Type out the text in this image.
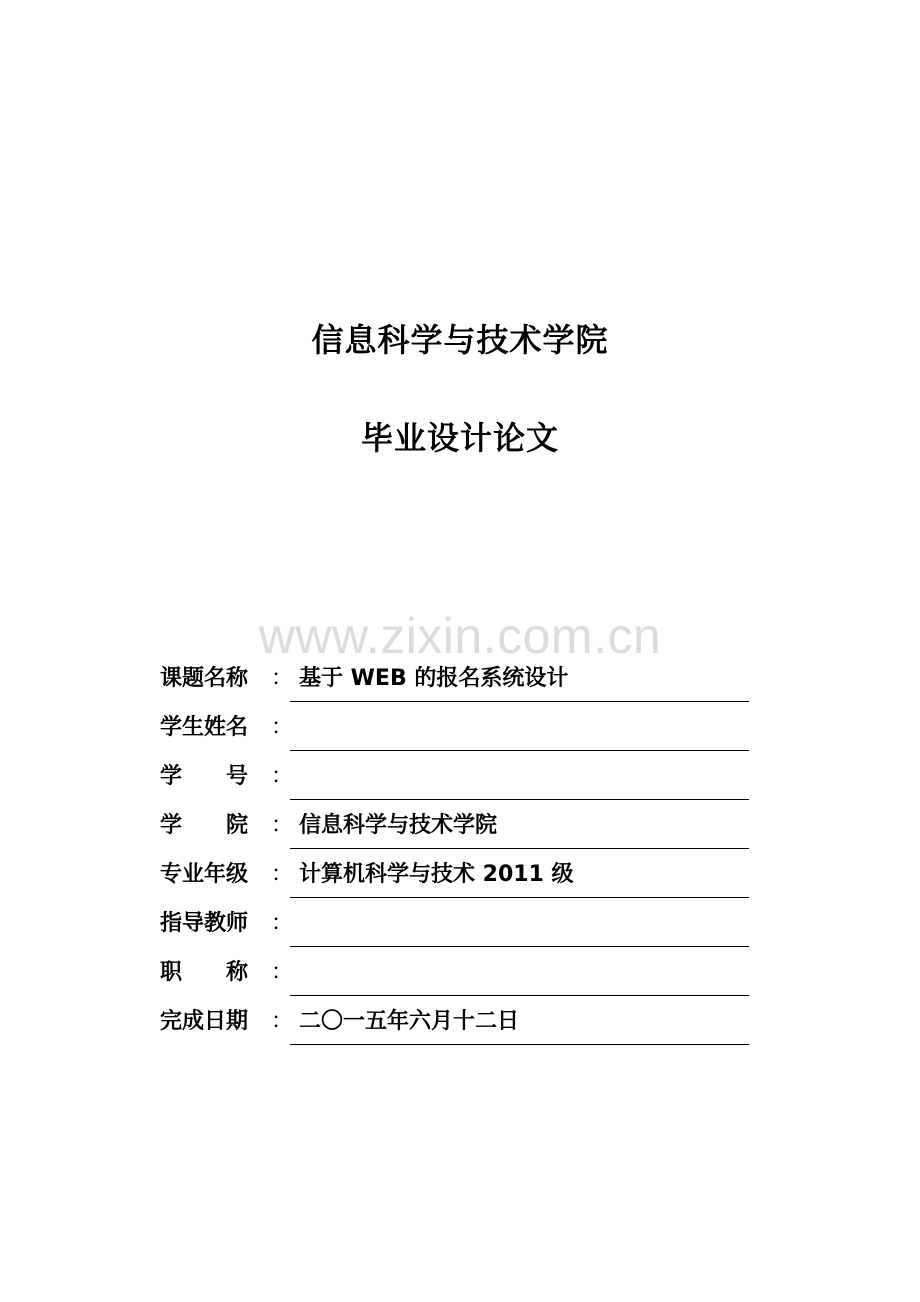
信息科学与技术学院
毕业设计论文
www.zixin.com.cn
课题名称 ： 基于 WEB 的报名系统设计
学生姓名 ：
学　　号 ：
学　　院 ： 信息科学与技术学院
专业年级 ： 计算机科学与技术 2011 级
指导教师 ：
职　　称 ：
完成日期 ： 二〇一五年六月十二日
